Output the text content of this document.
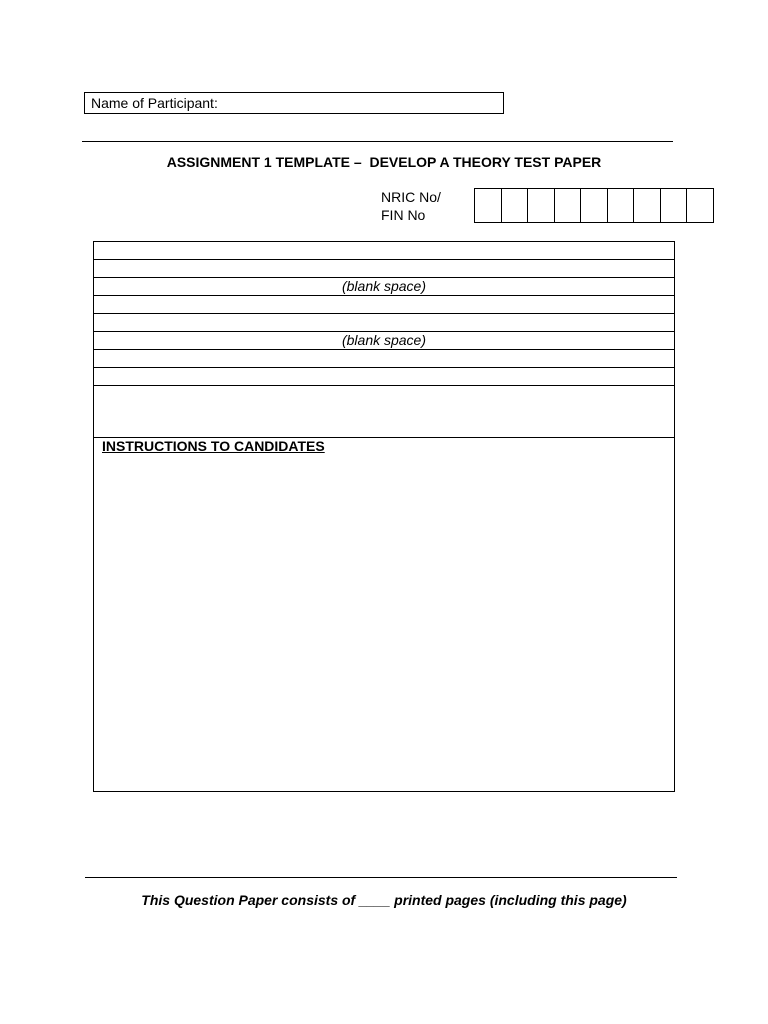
Name of Participant:
ASSIGNMENT 1 TEMPLATE –  DEVELOP A THEORY TEST PAPER
NRIC No/
FIN No
(blank space)
(blank space)
INSTRUCTIONS TO CANDIDATES
This Question Paper consists of ____ printed pages (including this page)
